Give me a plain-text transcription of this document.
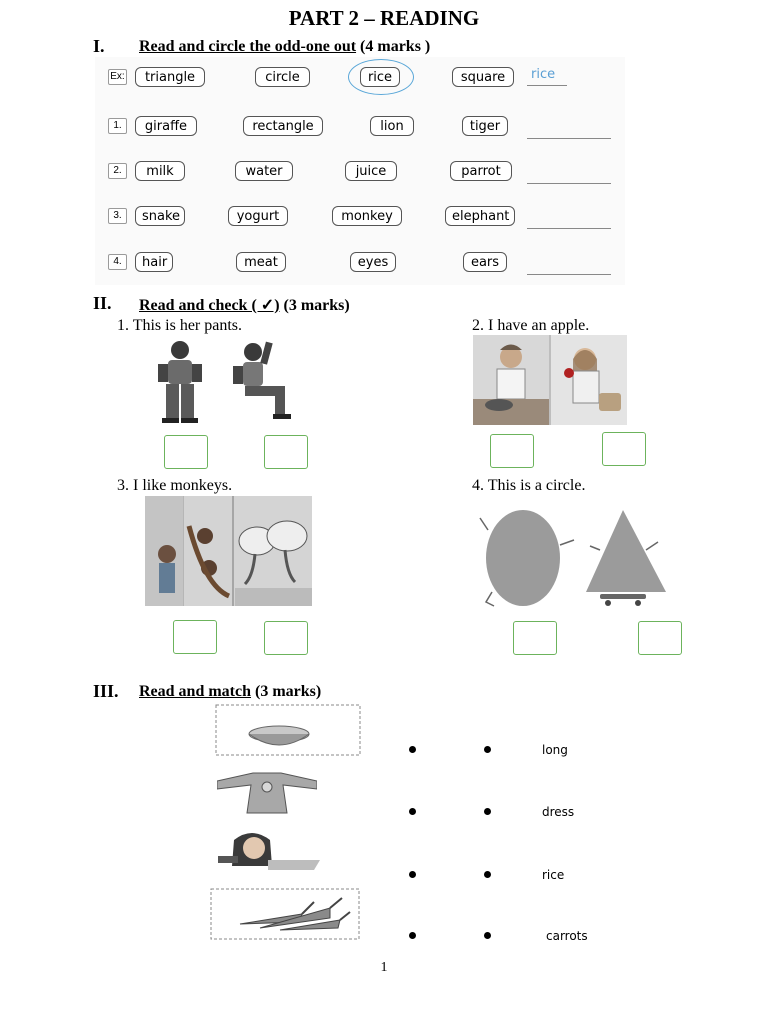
PART 2 – READING
I. Read and circle the odd-one out (4 marks )
Ex:	triangle	circle	rice	square	rice
1.	giraffe	rectangle	lion	tiger
2.	milk	water	juice	parrot
3.	snake	yogurt	monkey	elephant
4.	hair	meat	eyes	ears
II. Read and check ( ✓) (3 marks)
1. This is her pants.	2. I have an apple.
3. I like monkeys.	4. This is a circle.
III. Read and match (3 marks)
long
dress
rice
carrots
1
